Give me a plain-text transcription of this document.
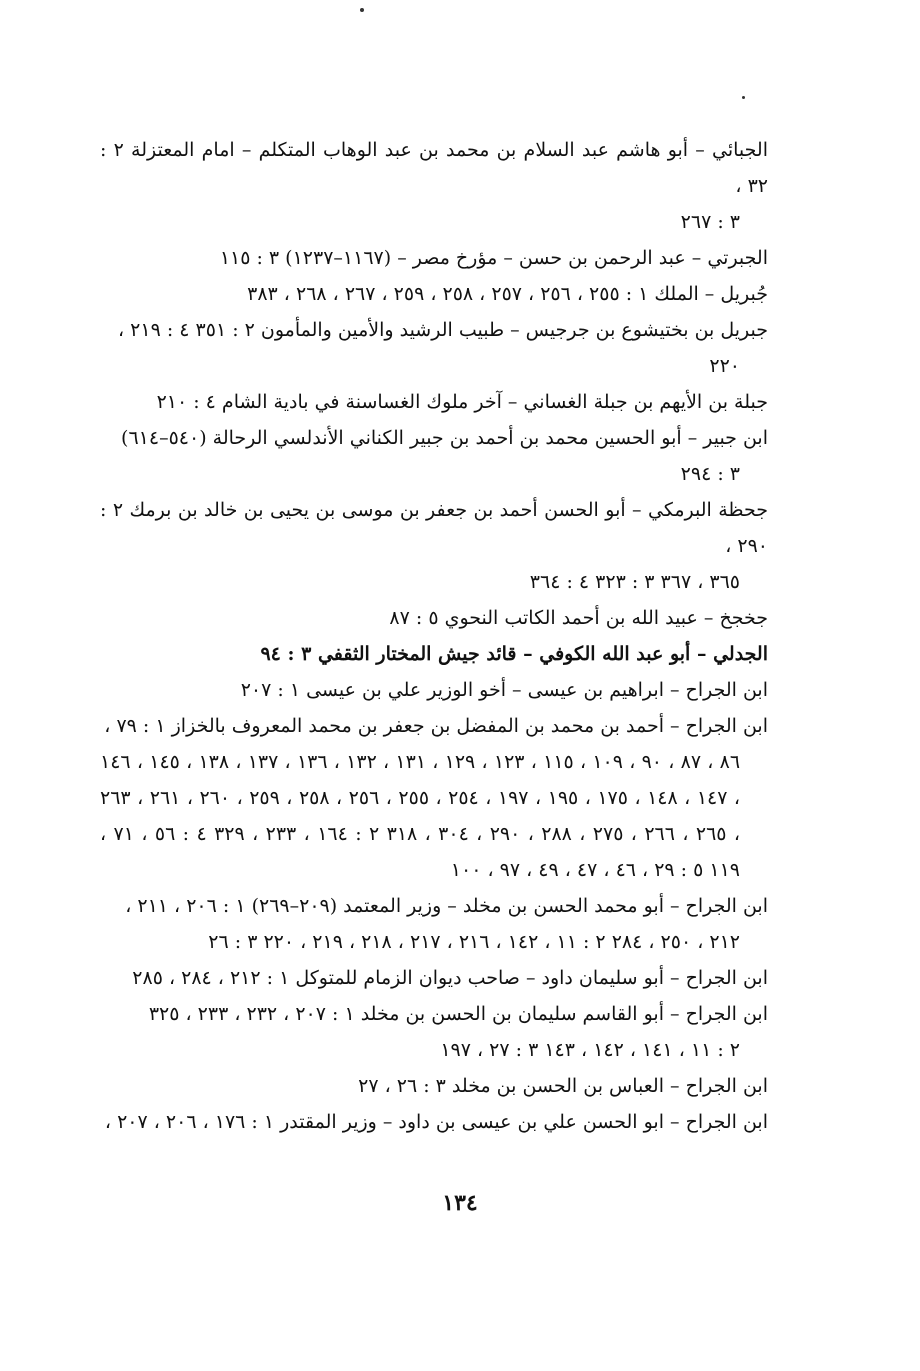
الجبائي – أبو هاشم عبد السلام بن محمد بن عبد الوهاب المتكلم – امام المعتزلة ٢ : ٣٢ ،
٣ : ٢٦٧

الجبرتي – عبد الرحمن بن حسن – مؤرخ مصر – (١١٦٧–١٢٣٧) ٣ : ١١٥

جُبريل – الملك ١ : ٢٥٥ ، ٢٥٦ ، ٢٥٧ ، ٢٥٨ ، ٢٥٩ ، ٢٦٧ ، ٢٦٨ ، ٣٨٣

جبريل بن بختيشوع بن جرجيس – طبيب الرشيد والأمين والمأمون ٢ : ٣٥١ ٤ : ٢١٩ ،
٢٢٠

جبلة بن الأيهم بن جبلة الغساني – آخر ملوك الغساسنة في بادية الشام ٤ : ٢١٠

ابن جبير – أبو الحسين محمد بن أحمد بن جبير الكناني الأندلسي الرحالة (٥٤٠–٦١٤)
٣ : ٢٩٤

جحظة البرمكي – أبو الحسن أحمد بن جعفر بن موسى بن يحيى بن خالد بن برمك ٢ : ٢٩٠ ،
٣٦٥ ، ٣٦٧ ٣ : ٣٢٣ ٤ : ٣٦٤

جخجخ – عبيد الله بن أحمد الكاتب النحوي ٥ : ٨٧

الجدلي – أبو عبد الله الكوفي – قائد جيش المختار الثقفي ٣ : ٩٤

ابن الجراح – ابراهيم بن عيسى – أخو الوزير علي بن عيسى ١ : ٢٠٧

ابن الجراح – أحمد بن محمد بن المفضل بن جعفر بن محمد المعروف بالخزاز ١ : ٧٩ ،
٨٦ ، ٨٧ ، ٩٠ ، ١٠٩ ، ١١٥ ، ١٢٣ ، ١٢٩ ، ١٣١ ، ١٣٢ ، ١٣٦ ، ١٣٧ ، ١٣٨ ، ١٤٥ ، ١٤٦ ، ١٤٧ ، ١٤٨ ، ١٧٥ ، ١٩٥ ، ١٩٧ ، ٢٥٤ ، ٢٥٥ ، ٢٥٦ ، ٢٥٨ ، ٢٥٩ ، ٢٦٠ ، ٢٦١ ، ٢٦٣ ، ٢٦٥ ، ٢٦٦ ، ٢٧٥ ، ٢٨٨ ، ٢٩٠ ، ٣٠٤ ، ٣١٨ ٢ : ١٦٤ ، ٢٣٣ ، ٣٢٩ ٤ : ٥٦ ، ٧١ ، ١١٩ ٥ : ٢٩ ، ٤٦ ، ٤٧ ، ٤٩ ، ٩٧ ، ١٠٠

ابن الجراح – أبو محمد الحسن بن مخلد – وزير المعتمد (٢٠٩–٢٦٩) ١ : ٢٠٦ ، ٢١١ ،
٢١٢ ، ٢٥٠ ، ٢٨٤ ٢ : ١١ ، ١٤٢ ، ٢١٦ ، ٢١٧ ، ٢١٨ ، ٢١٩ ، ٢٢٠ ٣ : ٢٦

ابن الجراح – أبو سليمان داود – صاحب ديوان الزمام للمتوكل ١ : ٢١٢ ، ٢٨٤ ، ٢٨٥

ابن الجراح – أبو القاسم سليمان بن الحسن بن مخلد ١ : ٢٠٧ ، ٢٣٢ ، ٢٣٣ ، ٣٢٥
٢ : ١١ ، ١٤١ ، ١٤٢ ، ١٤٣ ٣ : ٢٧ ، ١٩٧

ابن الجراح – العباس بن الحسن بن مخلد ٣ : ٢٦ ، ٢٧

ابن الجراح – ابو الحسن علي بن عيسى بن داود – وزير المقتدر ١ : ١٧٦ ، ٢٠٦ ، ٢٠٧ ،

١٣٤
